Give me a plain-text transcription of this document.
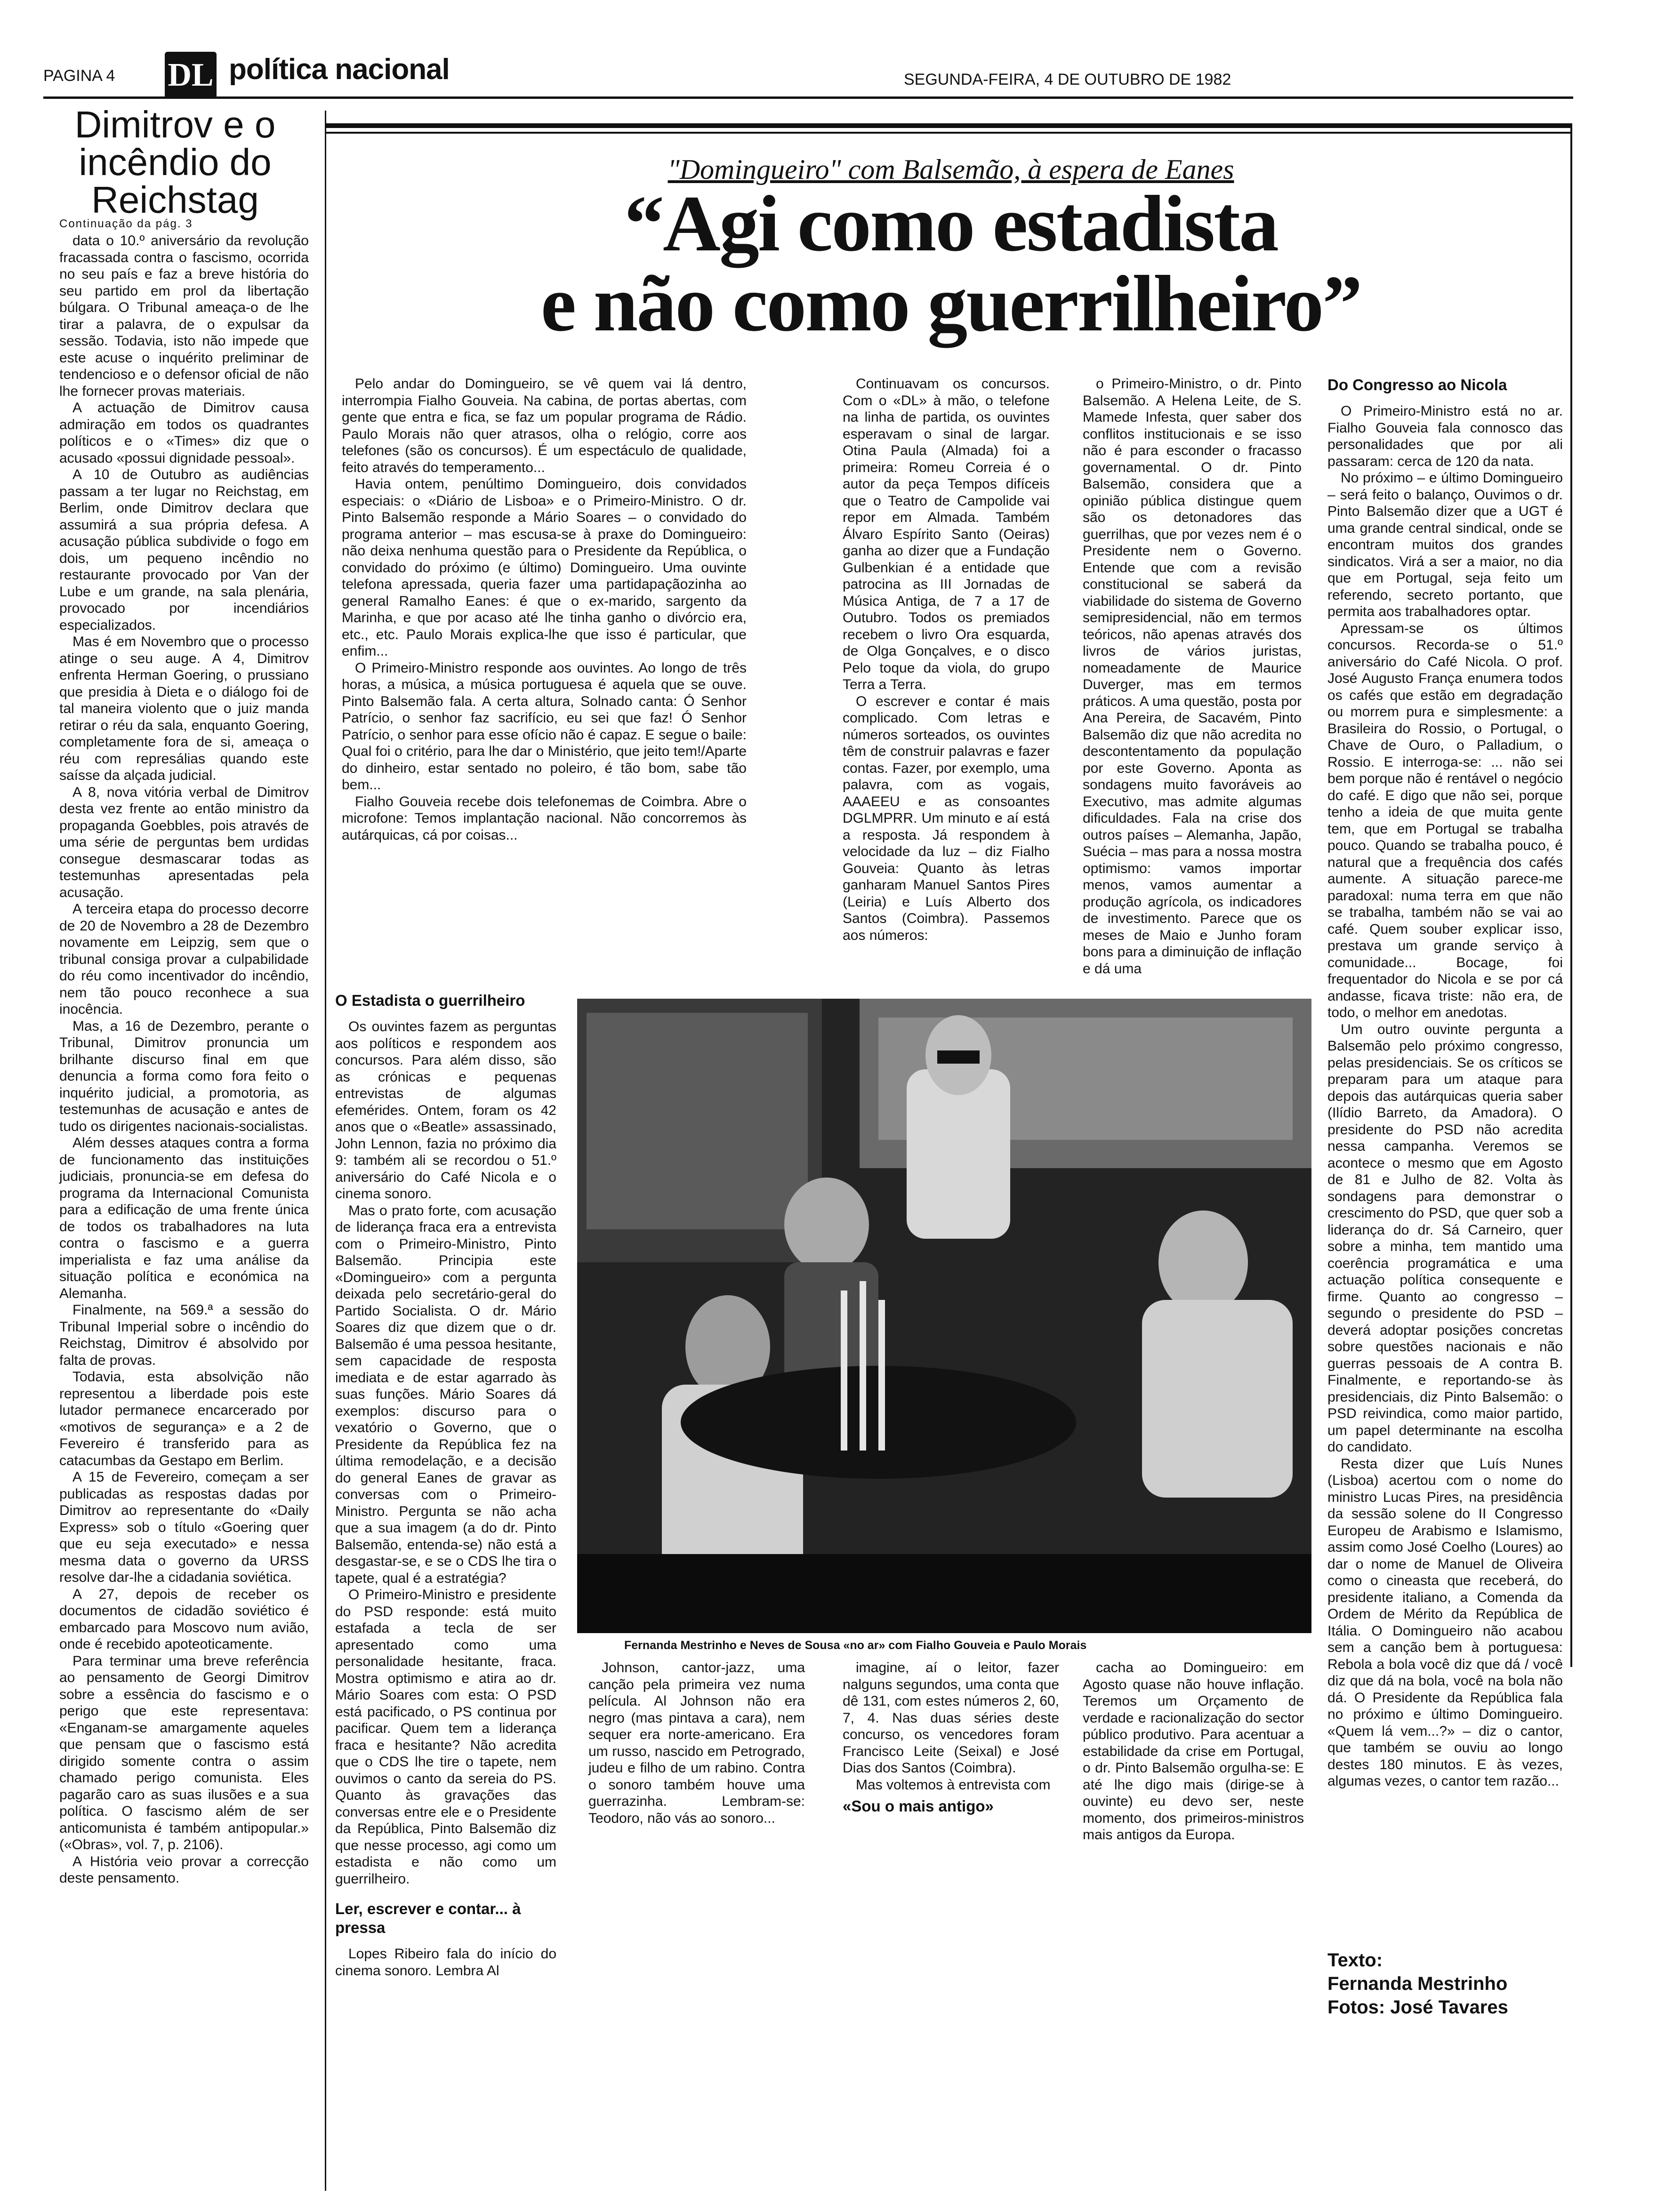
PAGINA 4 DL política nacional	SEGUNDA-FEIRA, 4 DE OUTUBRO DE 1982
Dimitrov e o incêndio do Reichstag
Continuação da pág. 3

data o 10.º aniversário da revolução fracassada contra o fascismo, ocorrida no seu país e faz a breve história do seu partido em prol da libertação búlgara. O Tribunal ameaça-o de lhe tirar a palavra, de o expulsar da sessão. Todavia, isto não impede que este acuse o inquérito preliminar de tendencioso e o defensor oficial de não lhe fornecer provas materiais.

A actuação de Dimitrov causa admiração em todos os quadrantes políticos e o «Times» diz que o acusado «possui dignidade pessoal».

A 10 de Outubro as audiências passam a ter lugar no Reichstag, em Berlim, onde Dimitrov declara que assumirá a sua própria defesa. A acusação pública subdivide o fogo em dois, um pequeno incêndio no restaurante provocado por Van der Lube e um grande, na sala plenária, provocado por incendiários especializados.

Mas é em Novembro que o processo atinge o seu auge. A 4, Dimitrov enfrenta Herman Goering, o prussiano que presidia à Dieta e o diálogo foi de tal maneira violento que o juiz manda retirar o réu da sala, enquanto Goering, completamente fora de si, ameaça o réu com represálias quando este saísse da alçada judicial.

A 8, nova vitória verbal de Dimitrov desta vez frente ao então ministro da propaganda Goebbles, pois através de uma série de perguntas bem urdidas consegue desmascarar todas as testemunhas apresentadas pela acusação.

A terceira etapa do processo decorre de 20 de Novembro a 28 de Dezembro novamente em Leipzig, sem que o tribunal consiga provar a culpabilidade do réu como incentivador do incêndio, nem tão pouco reconhece a sua inocência.

Mas, a 16 de Dezembro, perante o Tribunal, Dimitrov pronuncia um brilhante discurso final em que denuncia a forma como fora feito o inquérito judicial, a promotoria, as testemunhas de acusação e antes de tudo os dirigentes nacionais-socialistas.

Além desses ataques contra a forma de funcionamento das instituições judiciais, pronuncia-se em defesa do programa da Internacional Comunista para a edificação de uma frente única de todos os trabalhadores na luta contra o fascismo e a guerra imperialista e faz uma análise da situação política e económica na Alemanha.

Finalmente, na 569.ª a sessão do Tribunal Imperial sobre o incêndio do Reichstag, Dimitrov é absolvido por falta de provas.

Todavia, esta absolvição não representou a liberdade pois este lutador permanece encarcerado por «motivos de segurança» e a 2 de Fevereiro é transferido para as catacumbas da Gestapo em Berlim.

A 15 de Fevereiro, começam a ser publicadas as respostas dadas por Dimitrov ao representante do «Daily Express» sob o título «Goering quer que eu seja executado» e nessa mesma data o governo da URSS resolve dar-lhe a cidadania soviética.

A 27, depois de receber os documentos de cidadão soviético é embarcado para Moscovo num avião, onde é recebido apoteoticamente.

Para terminar uma breve referência ao pensamento de Georgi Dimitrov sobre a essência do fascismo e o perigo que este representava: «Enganam-se amargamente aqueles que pensam que o fascismo está dirigido somente contra o assim chamado perigo comunista. Eles pagarão caro as suas ilusões e a sua política. O fascismo além de ser anticomunista é também antipopular.» («Obras», vol. 7, p. 2106).

A História veio provar a correcção deste pensamento.

"Domingueiro" com Balsemão, à espera de Eanes
“Agi como estadista
e não como guerrilheiro”

Pelo andar do Domingueiro, se vê quem vai lá dentro, interrompia Fialho Gouveia. Na cabina, de portas abertas, com gente que entra e fica, se faz um popular programa de Rádio. Paulo Morais não quer atrasos, olha o relógio, corre aos telefones (são os concursos). É um espectáculo de qualidade, feito através do temperamento...

Havia ontem, penúltimo Domingueiro, dois convidados especiais: o «Diário de Lisboa» e o Primeiro-Ministro. O dr. Pinto Balsemão responde a Mário Soares – o convidado do programa anterior – mas escusa-se à praxe do Domingueiro: não deixa nenhuma questão para o Presidente da República, o convidado do próximo (e último) Domingueiro. Uma ouvinte telefona apressada, queria fazer uma partidapaçãozinha ao general Ramalho Eanes: é que o ex-marido, sargento da Marinha, e que por acaso até lhe tinha ganho o divórcio era, etc., etc. Paulo Morais explica-lhe que isso é particular, que enfim...

O Primeiro-Ministro responde aos ouvintes. Ao longo de três horas, a música, a música portuguesa é aquela que se ouve. Pinto Balsemão fala. A certa altura, Solnado canta: Ó Senhor Patrício, o senhor faz sacrifício, eu sei que faz! Ó Senhor Patrício, o senhor para esse ofício não é capaz. E segue o baile: Qual foi o critério, para lhe dar o Ministério, que jeito tem!/Aparte do dinheiro, estar sentado no poleiro, é tão bom, sabe tão bem...

Fialho Gouveia recebe dois telefonemas de Coimbra. Abre o microfone: Temos implantação nacional. Não concorremos às autárquicas, cá por coisas...

Continuavam os concursos. Com o «DL» à mão, o telefone na linha de partida, os ouvintes esperavam o sinal de largar. Otina Paula (Almada) foi a primeira: Romeu Correia é o autor da peça Tempos difíceis que o Teatro de Campolide vai repor em Almada. Também Álvaro Espírito Santo (Oeiras) ganha ao dizer que a Fundação Gulbenkian é a entidade que patrocina as III Jornadas de Música Antiga, de 7 a 17 de Outubro. Todos os premiados recebem o livro Ora esquarda, de Olga Gonçalves, e o disco Pelo toque da viola, do grupo Terra a Terra.

O escrever e contar é mais complicado. Com letras e números sorteados, os ouvintes têm de construir palavras e fazer contas. Fazer, por exemplo, uma palavra, com as vogais, AAAEEU e as consoantes DGLMPRR. Um minuto e aí está a resposta. Já respondem à velocidade da luz – diz Fialho Gouveia: Quanto às letras ganharam Manuel Santos Pires (Leiria) e Luís Alberto dos Santos (Coimbra). Passemos aos números:

o Primeiro-Ministro, o dr. Pinto Balsemão. A Helena Leite, de S. Mamede Infesta, quer saber dos conflitos institucionais e se isso não é para esconder o fracasso governamental. O dr. Pinto Balsemão, considera que a opinião pública distingue quem são os detonadores das guerrilhas, que por vezes nem é o Presidente nem o Governo. Entende que com a revisão constitucional se saberá da viabilidade do sistema de Governo semipresidencial, não em termos teóricos, não apenas através dos livros de vários juristas, nomeadamente de Maurice Duverger, mas em termos práticos. A uma questão, posta por Ana Pereira, de Sacavém, Pinto Balsemão diz que não acredita no descontentamento da população por este Governo. Aponta as sondagens muito favoráveis ao Executivo, mas admite algumas dificuldades. Fala na crise dos outros países – Alemanha, Japão, Suécia – mas para a nossa mostra optimismo: vamos importar menos, vamos aumentar a produção agrícola, os indicadores de investimento. Parece que os meses de Maio e Junho foram bons para a diminuição de inflação e dá uma

Do Congresso ao Nicola

O Primeiro-Ministro está no ar. Fialho Gouveia fala connosco das personalidades que por ali passaram: cerca de 120 da nata.

No próximo – e último Domingueiro – será feito o balanço, Ouvimos o dr. Pinto Balsemão dizer que a UGT é uma grande central sindical, onde se encontram muitos dos grandes sindicatos. Virá a ser a maior, no dia que em Portugal, seja feito um referendo, secreto portanto, que permita aos trabalhadores optar.

Apressam-se os últimos concursos. Recorda-se o 51.º aniversário do Café Nicola. O prof. José Augusto França enumera todos os cafés que estão em degradação ou morrem pura e simplesmente: a Brasileira do Rossio, o Portugal, o Chave de Ouro, o Palladium, o Rossio. E interroga-se: ... não sei bem porque não é rentável o negócio do café. E digo que não sei, porque tenho a ideia de que muita gente tem, que em Portugal se trabalha pouco. Quando se trabalha pouco, é natural que a frequência dos cafés aumente. A situação parece-me paradoxal: numa terra em que não se trabalha, também não se vai ao café. Quem souber explicar isso, prestava um grande serviço à comunidade... Bocage, foi frequentador do Nicola e se por cá andasse, ficava triste: não era, de todo, o melhor em anedotas.

Um outro ouvinte pergunta a Balsemão pelo próximo congresso, pelas presidenciais. Se os críticos se preparam para um ataque para depois das autárquicas queria saber (Ilídio Barreto, da Amadora). O presidente do PSD não acredita nessa campanha. Veremos se acontece o mesmo que em Agosto de 81 e Julho de 82. Volta às sondagens para demonstrar o crescimento do PSD, que quer sob a liderança do dr. Sá Carneiro, quer sobre a minha, tem mantido uma coerência programática e uma actuação política consequente e firme. Quanto ao congresso – segundo o presidente do PSD – deverá adoptar posições concretas sobre questões nacionais e não guerras pessoais de A contra B. Finalmente, e reportando-se às presidenciais, diz Pinto Balsemão: o PSD reivindica, como maior partido, um papel determinante na escolha do candidato.

Resta dizer que Luís Nunes (Lisboa) acertou com o nome do ministro Lucas Pires, na presidência da sessão solene do II Congresso Europeu de Arabismo e Islamismo, assim como José Coelho (Loures) ao dar o nome de Manuel de Oliveira como o cineasta que receberá, do presidente italiano, a Comenda da Ordem de Mérito da República de Itália. O Domingueiro não acabou sem a canção bem à portuguesa: Rebola a bola você diz que dá / você diz que dá na bola, você na bola não dá. O Presidente da República fala no próximo e último Domingueiro. «Quem lá vem...?» – diz o cantor, que também se ouviu ao longo destes 180 minutos. E às vezes, algumas vezes, o cantor tem razão...

Fernanda Mestrinho e Neves de Sousa «no ar» com Fialho Gouveia e Paulo Morais
O Estadista o guerrilheiro

Os ouvintes fazem as perguntas aos políticos e respondem aos concursos. Para além disso, são as crónicas e pequenas entrevistas de algumas efemérides. Ontem, foram os 42 anos que o «Beatle» assassinado, John Lennon, fazia no próximo dia 9: também ali se recordou o 51.º aniversário do Café Nicola e o cinema sonoro.

Mas o prato forte, com acusação de liderança fraca era a entrevista com o Primeiro-Ministro, Pinto Balsemão. Principia este «Domingueiro» com a pergunta deixada pelo secretário-geral do Partido Socialista. O dr. Mário Soares diz que dizem que o dr. Balsemão é uma pessoa hesitante, sem capacidade de resposta imediata e de estar agarrado às suas funções. Mário Soares dá exemplos: discurso para o vexatório o Governo, que o Presidente da República fez na última remodelação, e a decisão do general Eanes de gravar as conversas com o Primeiro-Ministro. Pergunta se não acha que a sua imagem (a do dr. Pinto Balsemão, entenda-se) não está a desgastar-se, e se o CDS lhe tira o tapete, qual é a estratégia?

O Primeiro-Ministro e presidente do PSD responde: está muito estafada a tecla de ser apresentado como uma personalidade hesitante, fraca. Mostra optimismo e atira ao dr. Mário Soares com esta: O PSD está pacificado, o PS continua por pacificar. Quem tem a liderança fraca e hesitante? Não acredita que o CDS lhe tire o tapete, nem ouvimos o canto da sereia do PS. Quanto às gravações das conversas entre ele e o Presidente da República, Pinto Balsemão diz que nesse processo, agi como um estadista e não como um guerrilheiro.

Ler, escrever e contar... à pressa

Lopes Ribeiro fala do início do cinema sonoro. Lembra Al

Johnson, cantor-jazz, uma canção pela primeira vez numa película. Al Johnson não era negro (mas pintava a cara), nem sequer era norte-americano. Era um russo, nascido em Petrogrado, judeu e filho de um rabino. Contra o sonoro também houve uma guerrazinha. Lembram-se: Teodoro, não vás ao sonoro...

imagine, aí o leitor, fazer nalguns segundos, uma conta que dê 131, com estes números 2, 60, 7, 4. Nas duas séries deste concurso, os vencedores foram Francisco Leite (Seixal) e José Dias dos Santos (Coimbra).

Mas voltemos à entrevista com

«Sou o mais antigo»

cacha ao Domingueiro: em Agosto quase não houve inflação. Teremos um Orçamento de verdade e racionalização do sector público produtivo. Para acentuar a estabilidade da crise em Portugal, o dr. Pinto Balsemão orgulha-se: E até lhe digo mais (dirige-se à ouvinte) eu devo ser, neste momento, dos primeiros-ministros mais antigos da Europa.

Texto:
Fernanda Mestrinho
Fotos: José Tavares
